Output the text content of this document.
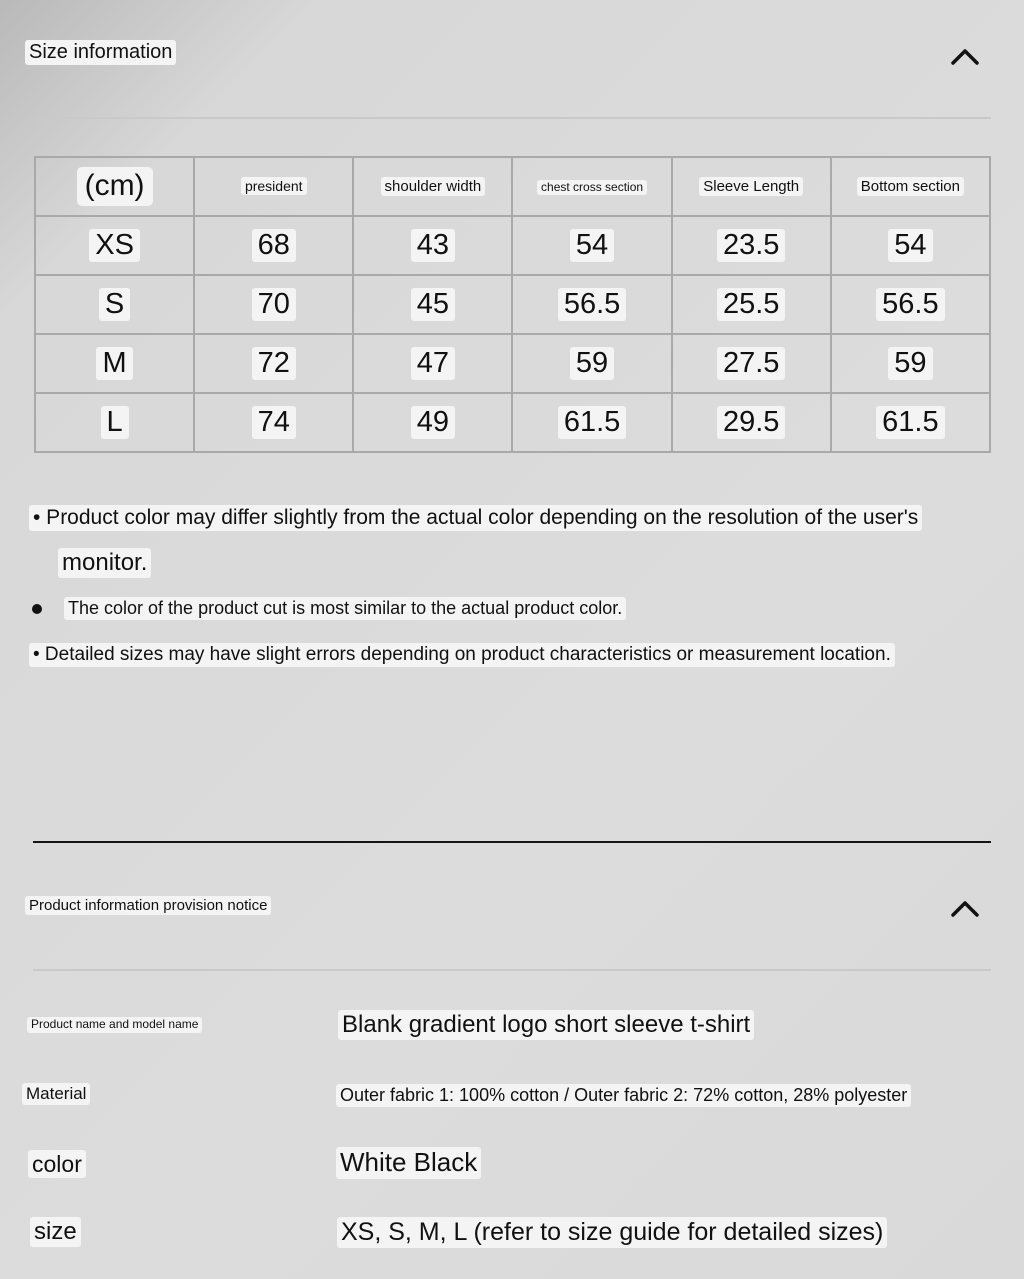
Size information
(cm)	president	shoulder width	chest cross section	Sleeve Length	Bottom section
XS	68	43	54	23.5	54
S	70	45	56.5	25.5	56.5
M	72	47	59	27.5	59
L	74	49	61.5	29.5	61.5
• Product color may differ slightly from the actual color depending on the resolution of the user's
monitor.
The color of the product cut is most similar to the actual product color.
• Detailed sizes may have slight errors depending on product characteristics or measurement location.
Product information provision notice
Product name and model name	Blank gradient logo short sleeve t-shirt
Material	Outer fabric 1: 100% cotton / Outer fabric 2: 72% cotton, 28% polyester
color	White Black
size	XS, S, M, L (refer to size guide for detailed sizes)
